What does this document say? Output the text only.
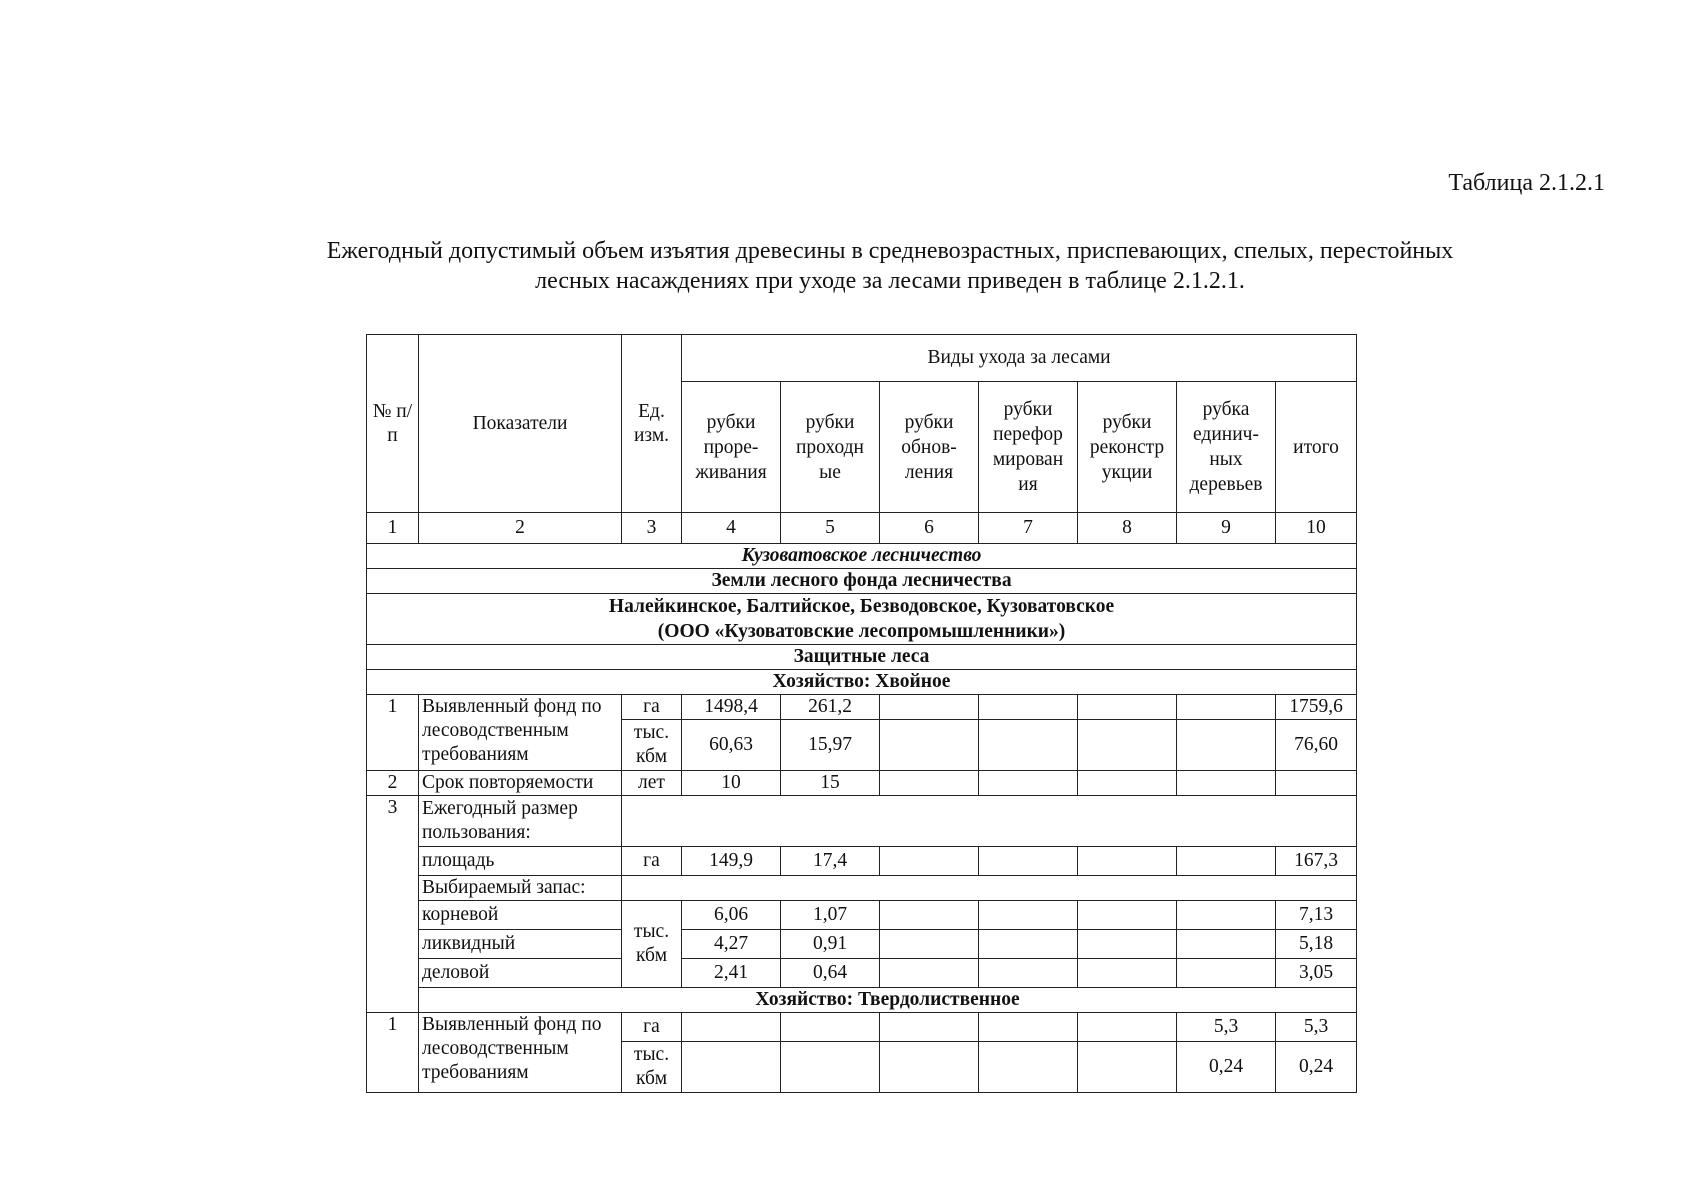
Таблица 2.1.2.1
Ежегодный допустимый объем изъятия древесины в средневозрастных, приспевающих, спелых, перестойных
лесных насаждениях при уходе за лесами приведен в таблице 2.1.2.1.
№ п/п	Показатели	Ед. изм.	Виды ухода за лесами						
			рубки проре-живания	рубки проходн ые	рубки обнов-ления	рубки перефор мирован ия	рубки реконстр укции	рубка единич-ных деревьев	итого
1	2	3	4	5	6	7	8	9	10
Кузоватовское лесничество									
Земли лесного фонда лесничества									

Налейкинское, Балтийское, Безводовское, Кузоватовское
(ООО «Кузоватовские лесопромышленники»)									

Защитные леса									
Хозяйство: Хвойное									
1	Выявленный фонд по лесоводственным требованиям	га	1498,4	261,2					1759,6
		тыс. кбм	60,63	15,97					76,60
2	Срок повторяемости	лет	10	15					
3	Ежегодный размер пользования:								
	площадь	га	149,9	17,4					167,3
	Выбираемый запас:								
	корневой	тыс. кбм	6,06	1,07					7,13
	ликвидный		4,27	0,91					5,18
	деловой		2,41	0,64					3,05
	Хозяйство: Твердолиственное								
1	Выявленный фонд по лесоводственным требованиям	га						5,3	5,3
		тыс. кбм						0,24	0,24
